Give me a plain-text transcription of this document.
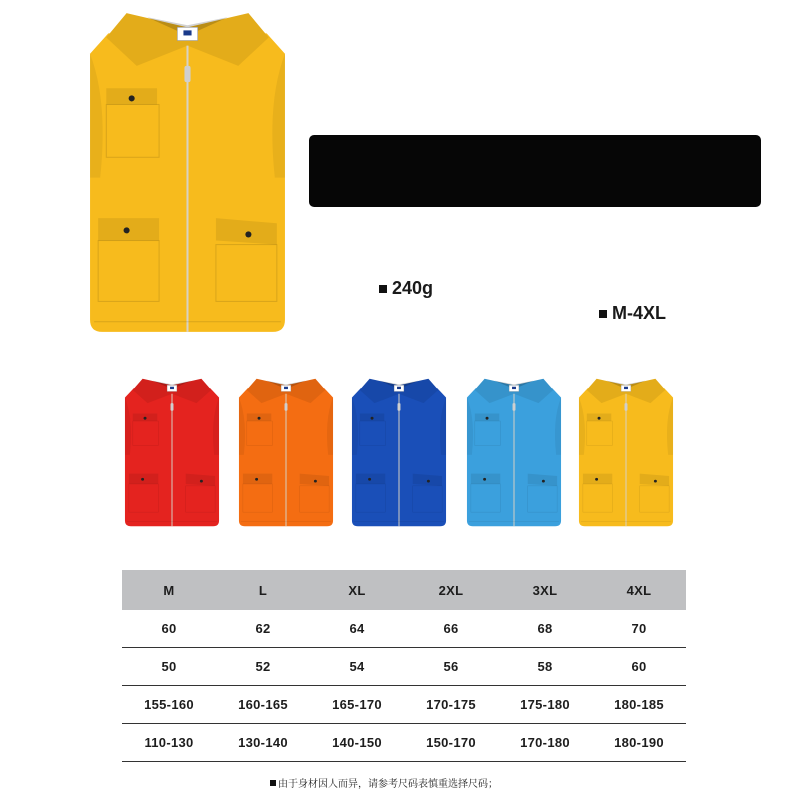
240g
M-4XL
M	L	XL	2XL	3XL	4XL
60	62	64	66	68	70
50	52	54	56	58	60
155-160	160-165	165-170	170-175	175-180	180-185
110-130	130-140	140-150	150-170	170-180	180-190
由于身材因人而异，请参考尺码表慎重选择尺码；
